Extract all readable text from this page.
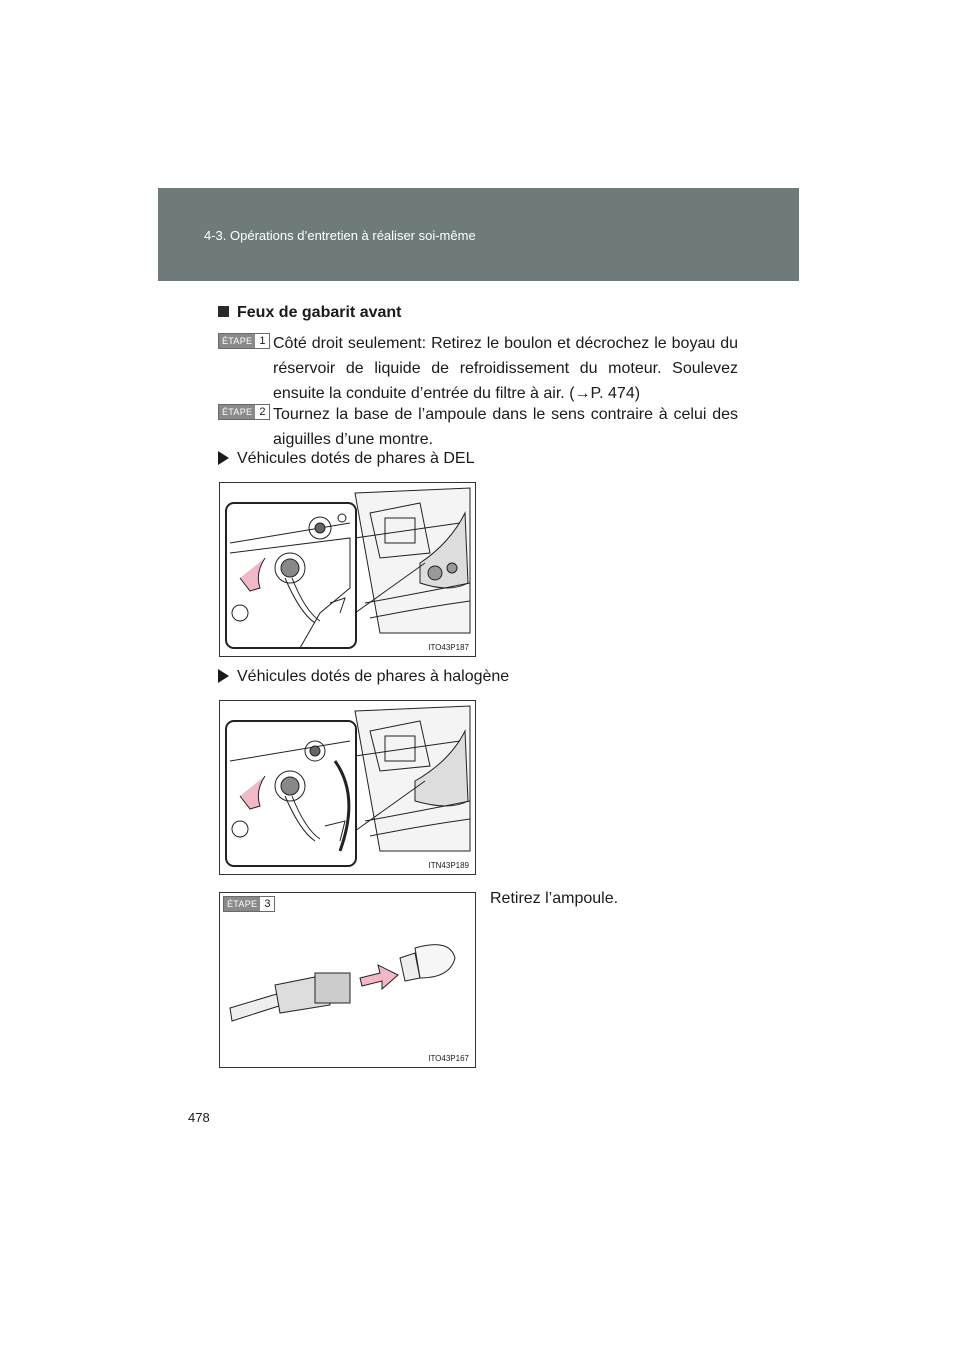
4-3. Opérations d’entretien à réaliser soi-même
Feux de gabarit avant
ÉTAPE 1 Côté droit seulement: Retirez le boulon et décrochez le boyau du réservoir de liquide de refroidissement du moteur. Soulevez ensuite la conduite d’entrée du filtre à air. (→P. 474)
ÉTAPE 2 Tournez la base de l’ampoule dans le sens contraire à celui des aiguilles d’une montre.
Véhicules dotés de phares à DEL
ITO43P187
Véhicules dotés de phares à halogène
ITN43P189
ÉTAPE 3
ITO43P167
Retirez l’ampoule.
478
